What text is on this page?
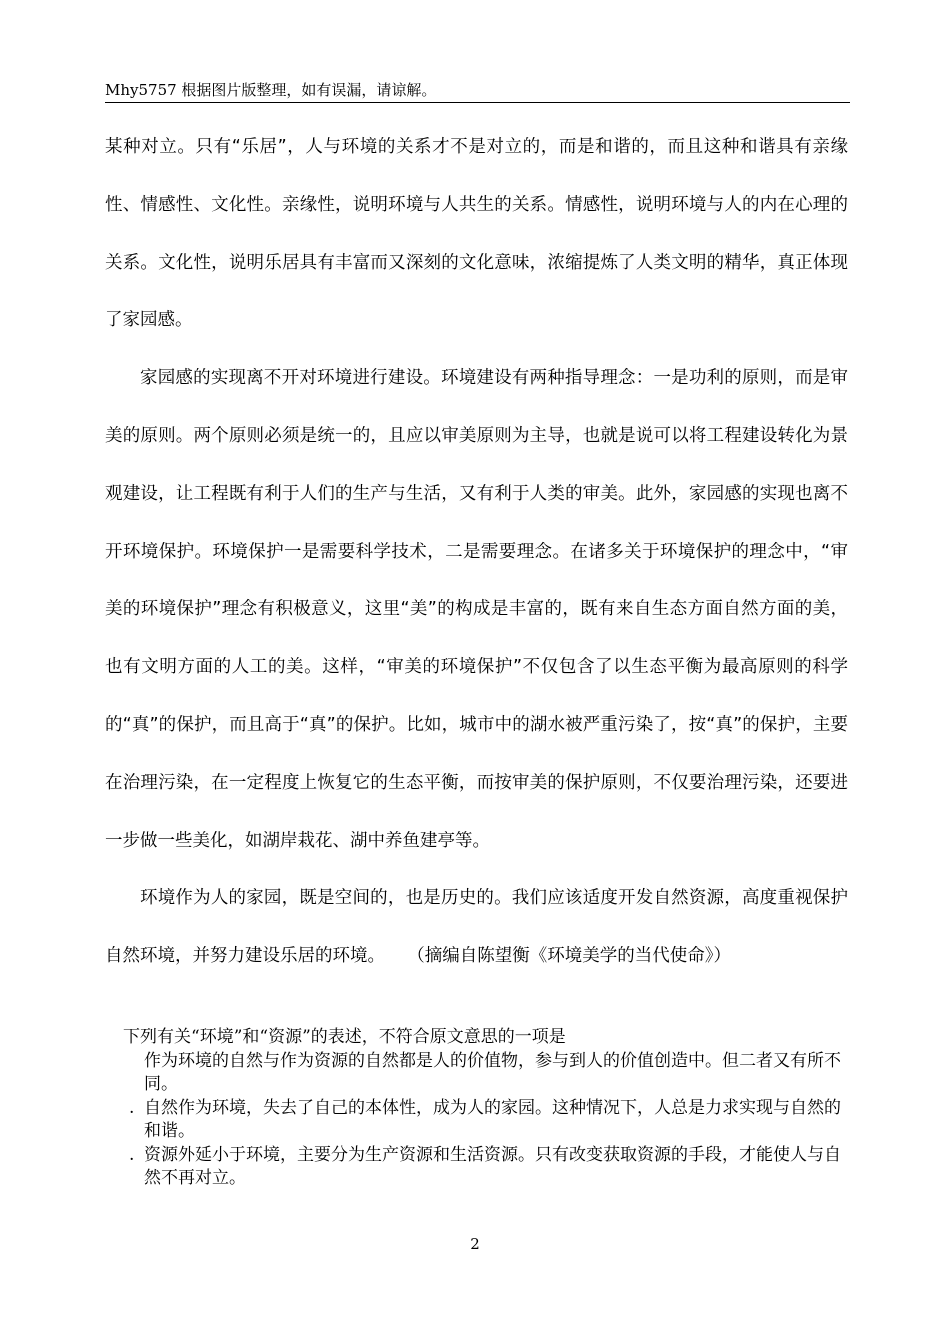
Mhy5757 根据图片版整理，如有误漏，请谅解。

某种对立。只有“乐居”，人与环境的关系才不是对立的，而是和谐的，而且这种和谐具有亲缘性、情感性、文化性。亲缘性，说明环境与人共生的关系。情感性，说明环境与人的内在心理的关系。文化性，说明乐居具有丰富而又深刻的文化意味，浓缩提炼了人类文明的精华，真正体现了家园感。

家园感的实现离不开对环境进行建设。环境建设有两种指导理念：一是功利的原则，而是审美的原则。两个原则必须是统一的，且应以审美原则为主导，也就是说可以将工程建设转化为景观建设，让工程既有利于人们的生产与生活，又有利于人类的审美。此外，家园感的实现也离不开环境保护。环境保护一是需要科学技术，二是需要理念。在诸多关于环境保护的理念中，“审美的环境保护”理念有积极意义，这里“美”的构成是丰富的，既有来自生态方面自然方面的美，也有文明方面的人工的美。这样，“审美的环境保护”不仅包含了以生态平衡为最高原则的科学的“真”的保护，而且高于“真”的保护。比如，城市中的湖水被严重污染了，按“真”的保护，主要在治理污染，在一定程度上恢复它的生态平衡，而按审美的保护原则，不仅要治理污染，还要进一步做一些美化，如湖岸栽花、湖中养鱼建亭等。

环境作为人的家园，既是空间的，也是历史的。我们应该适度开发自然资源，高度重视保护自然环境，并努力建设乐居的环境。 （摘编自陈望衡《环境美学的当代使命》）

下列有关“环境”和“资源”的表述，不符合原文意思的一项是
作为环境的自然与作为资源的自然都是人的价值物，参与到人的价值创造中。但二者又有所不同。
. 自然作为环境，失去了自己的本体性，成为人的家园。这种情况下，人总是力求实现与自然的和谐。
. 资源外延小于环境，主要分为生产资源和生活资源。只有改变获取资源的手段，才能使人与自然不再对立。
2
